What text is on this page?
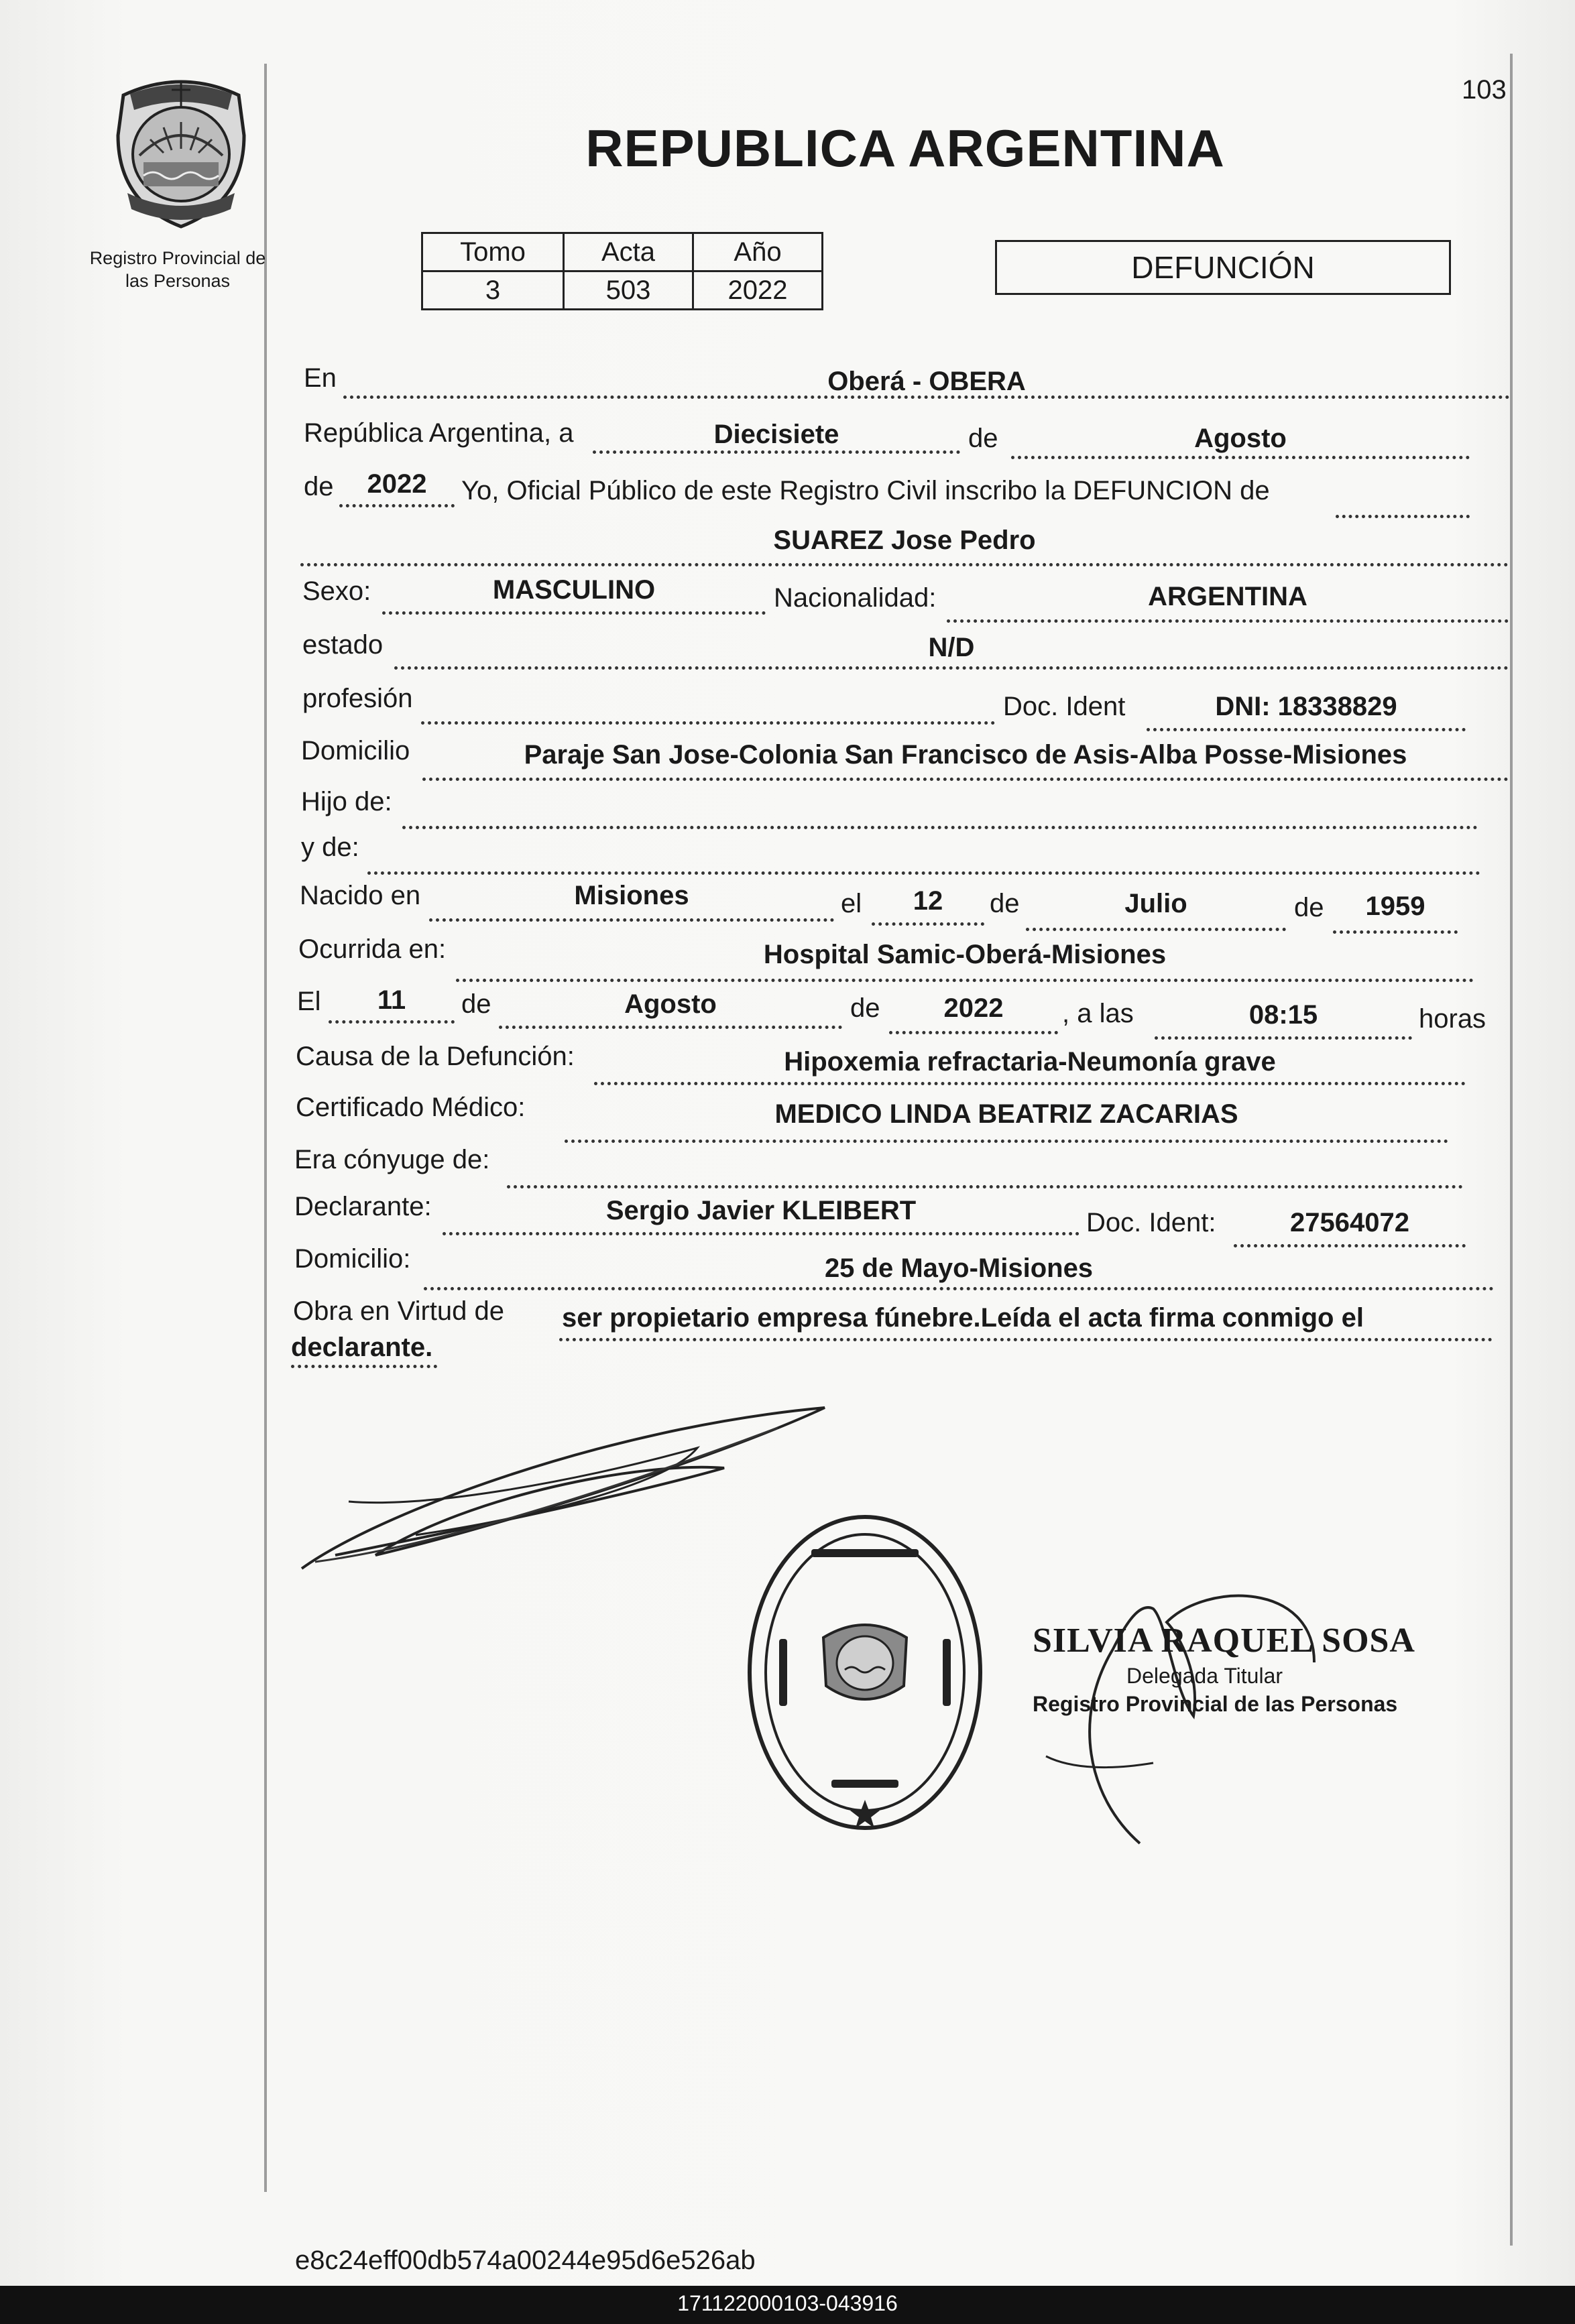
103
Registro Provincial de
las Personas
REPUBLICA ARGENTINA
Tomo	Acta	Año
3	503	2022
DEFUNCIÓN
En	Oberá - OBERA
República Argentina, a	Diecisiete	de	Agosto
de	2022	Yo, Oficial Público de este Registro Civil inscribo la DEFUNCION de
SUAREZ Jose Pedro
Sexo:	MASCULINO	Nacionalidad:	ARGENTINA
estado	N/D
profesión	Doc. Ident	DNI: 18338829
Domicilio	Paraje San Jose-Colonia San Francisco de Asis-Alba Posse-Misiones
Hijo de:
y de:
Nacido en	Misiones	el	12	de	Julio	de	1959
Ocurrida en:	Hospital Samic-Oberá-Misiones
El	11	de	Agosto	de	2022	, a las	08:15	horas
Causa de la Defunción:	Hipoxemia refractaria-Neumonía grave
Certificado Médico:	MEDICO LINDA BEATRIZ ZACARIAS
Era cónyuge de:
Declarante:	Sergio Javier KLEIBERT	Doc. Ident:	27564072
Domicilio:	25 de Mayo-Misiones
Obra en Virtud de ser propietario empresa fúnebre.Leída el acta firma conmigo el
declarante.
SILVIA RAQUEL SOSA
Delegada Titular
Registro Provincial de las Personas
e8c24eff00db574a00244e95d6e526ab
171122000103-043916
